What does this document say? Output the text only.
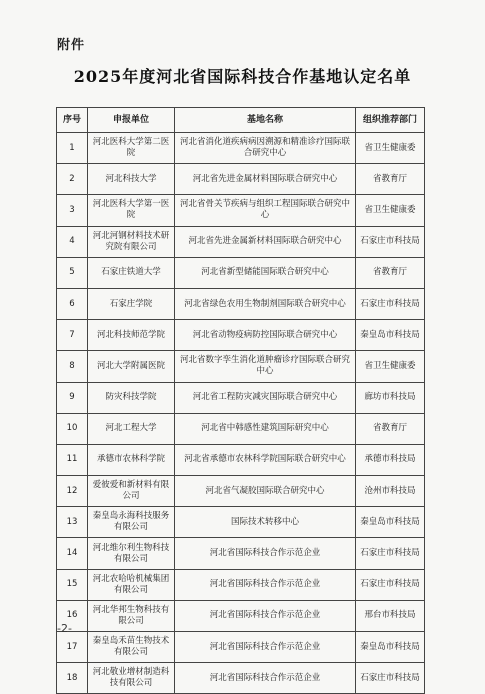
附件
2025年度河北省国际科技合作基地认定名单
序号	申报单位	基地名称	组织推荐部门
1	河北医科大学第二医院	河北省消化道疾病病因溯源和精准诊疗国际联合研究中心	省卫生健康委
2	河北科技大学	河北省先进金属材料国际联合研究中心	省教育厅
3	河北医科大学第一医院	河北省骨关节疾病与组织工程国际联合研究中心	省卫生健康委
4	河北河钢材料技术研究院有限公司	河北省先进金属新材料国际联合研究中心	石家庄市科技局
5	石家庄铁道大学	河北省新型储能国际联合研究中心	省教育厅
6	石家庄学院	河北省绿色农用生物制剂国际联合研究中心	石家庄市科技局
7	河北科技师范学院	河北省动物疫病防控国际联合研究中心	秦皇岛市科技局
8	河北大学附属医院	河北省数字孪生消化道肿瘤诊疗国际联合研究中心	省卫生健康委
9	防灾科技学院	河北省工程防灾减灾国际联合研究中心	廊坊市科技局
10	河北工程大学	河北省中韩感性建筑国际研究中心	省教育厅
11	承德市农林科学院	河北省承德市农林科学院国际联合研究中心	承德市科技局
12	爱彼爱和新材料有限公司	河北省气凝胶国际联合研究中心	沧州市科技局
13	秦皇岛永海科技服务有限公司	国际技术转移中心	秦皇岛市科技局
14	河北维尔利生物科技有限公司	河北省国际科技合作示范企业	石家庄市科技局
15	河北农哈哈机械集团有限公司	河北省国际科技合作示范企业	石家庄市科技局
16	河北华邦生物科技有限公司	河北省国际科技合作示范企业	邢台市科技局
17	秦皇岛禾苗生物技术有限公司	河北省国际科技合作示范企业	秦皇岛市科技局
18	河北敬业增材制造科技有限公司	河北省国际科技合作示范企业	石家庄市科技局
-2-
